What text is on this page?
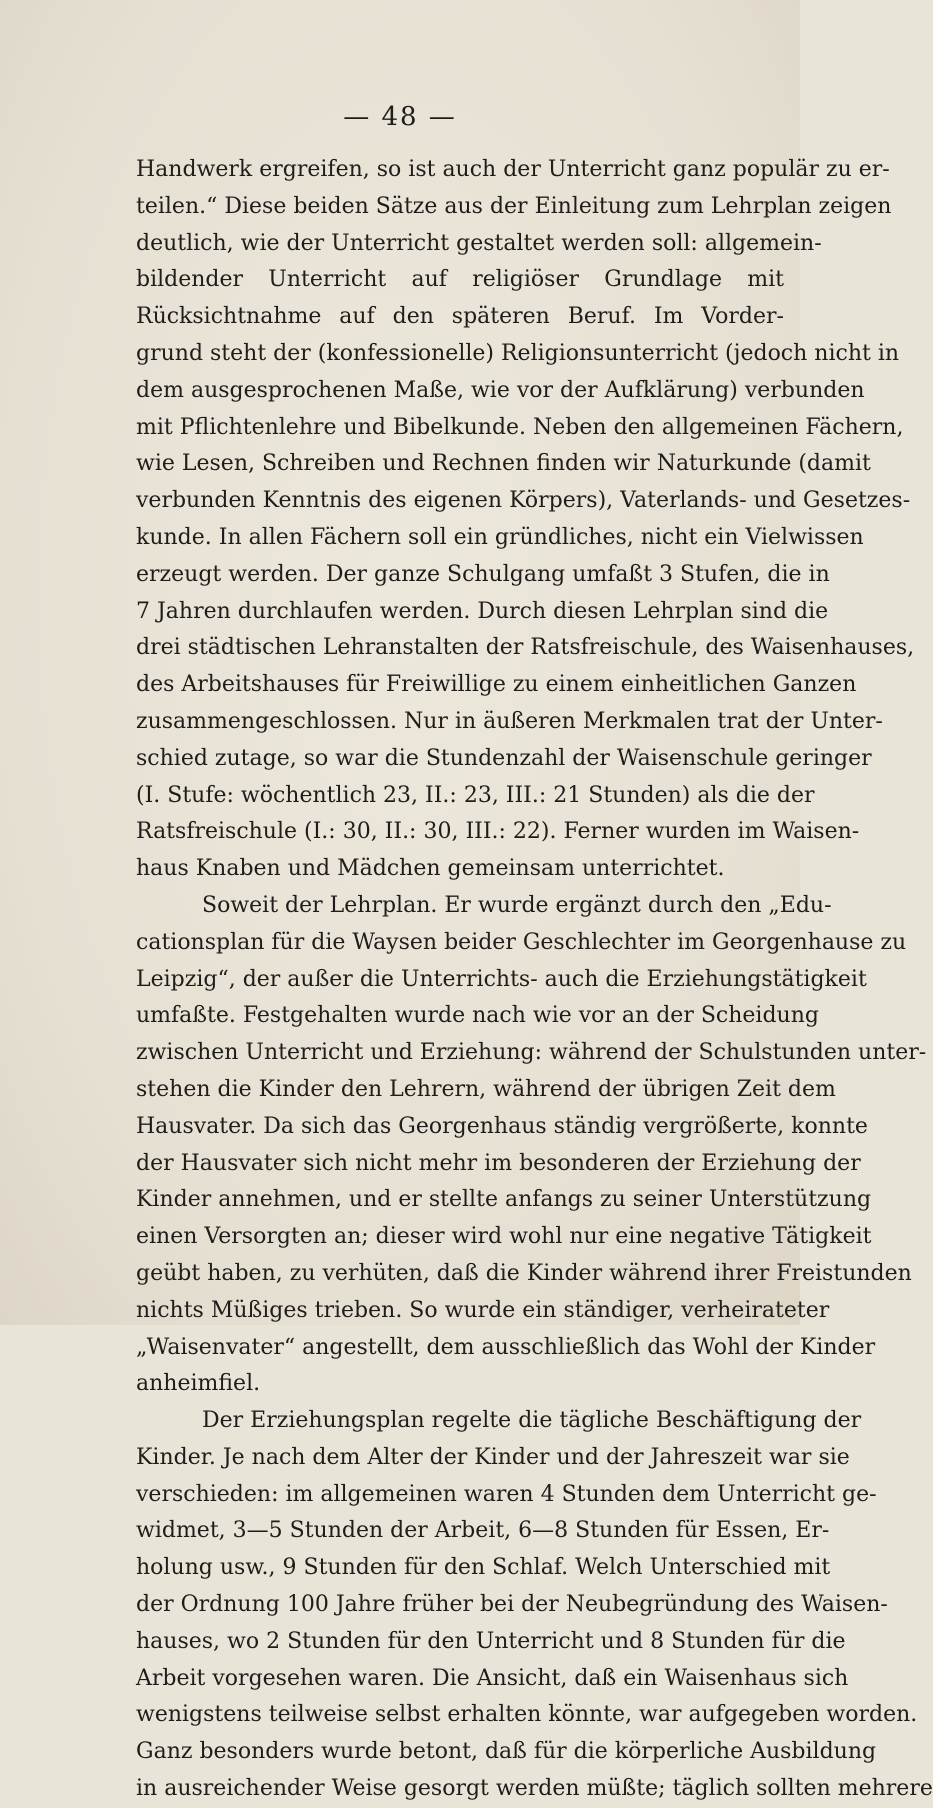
— 48 —
Handwerk ergreifen, so ist auch der Unterricht ganz populär zu er-
teilen.“ Diese beiden Sätze aus der Einleitung zum Lehrplan zeigen
deutlich, wie der Unterricht gestaltet werden soll: allgemein-
bildender Unterricht auf religiöser Grundlage mit
Rücksichtnahme auf den späteren Beruf. Im Vorder-
grund steht der (konfessionelle) Religionsunterricht (jedoch nicht in
dem ausgesprochenen Maße, wie vor der Aufklärung) verbunden
mit Pflichtenlehre und Bibelkunde. Neben den allgemeinen Fächern,
wie Lesen, Schreiben und Rechnen finden wir Naturkunde (damit
verbunden Kenntnis des eigenen Körpers), Vaterlands- und Gesetzes-
kunde. In allen Fächern soll ein gründliches, nicht ein Vielwissen
erzeugt werden. Der ganze Schulgang umfaßt 3 Stufen, die in
7 Jahren durchlaufen werden. Durch diesen Lehrplan sind die
drei städtischen Lehranstalten der Ratsfreischule, des Waisenhauses,
des Arbeitshauses für Freiwillige zu einem einheitlichen Ganzen
zusammengeschlossen. Nur in äußeren Merkmalen trat der Unter-
schied zutage, so war die Stundenzahl der Waisenschule geringer
(I. Stufe: wöchentlich 23, II.: 23, III.: 21 Stunden) als die der
Ratsfreischule (I.: 30, II.: 30, III.: 22). Ferner wurden im Waisen-
haus Knaben und Mädchen gemeinsam unterrichtet.
Soweit der Lehrplan. Er wurde ergänzt durch den „Edu-
cationsplan für die Waysen beider Geschlechter im Georgenhause zu
Leipzig“, der außer die Unterrichts- auch die Erziehungstätigkeit
umfaßte. Festgehalten wurde nach wie vor an der Scheidung
zwischen Unterricht und Erziehung: während der Schulstunden unter-
stehen die Kinder den Lehrern, während der übrigen Zeit dem
Hausvater. Da sich das Georgenhaus ständig vergrößerte, konnte
der Hausvater sich nicht mehr im besonderen der Erziehung der
Kinder annehmen, und er stellte anfangs zu seiner Unterstützung
einen Versorgten an; dieser wird wohl nur eine negative Tätigkeit
geübt haben, zu verhüten, daß die Kinder während ihrer Freistunden
nichts Müßiges trieben. So wurde ein ständiger, verheirateter
„Waisenvater“ angestellt, dem ausschließlich das Wohl der Kinder
anheimfiel.
Der Erziehungsplan regelte die tägliche Beschäftigung der
Kinder. Je nach dem Alter der Kinder und der Jahreszeit war sie
verschieden: im allgemeinen waren 4 Stunden dem Unterricht ge-
widmet, 3—5 Stunden der Arbeit, 6—8 Stunden für Essen, Er-
holung usw., 9 Stunden für den Schlaf. Welch Unterschied mit
der Ordnung 100 Jahre früher bei der Neubegründung des Waisen-
hauses, wo 2 Stunden für den Unterricht und 8 Stunden für die
Arbeit vorgesehen waren. Die Ansicht, daß ein Waisenhaus sich
wenigstens teilweise selbst erhalten könnte, war aufgegeben worden.
Ganz besonders wurde betont, daß für die körperliche Ausbildung
in ausreichender Weise gesorgt werden müßte; täglich sollten mehrere
